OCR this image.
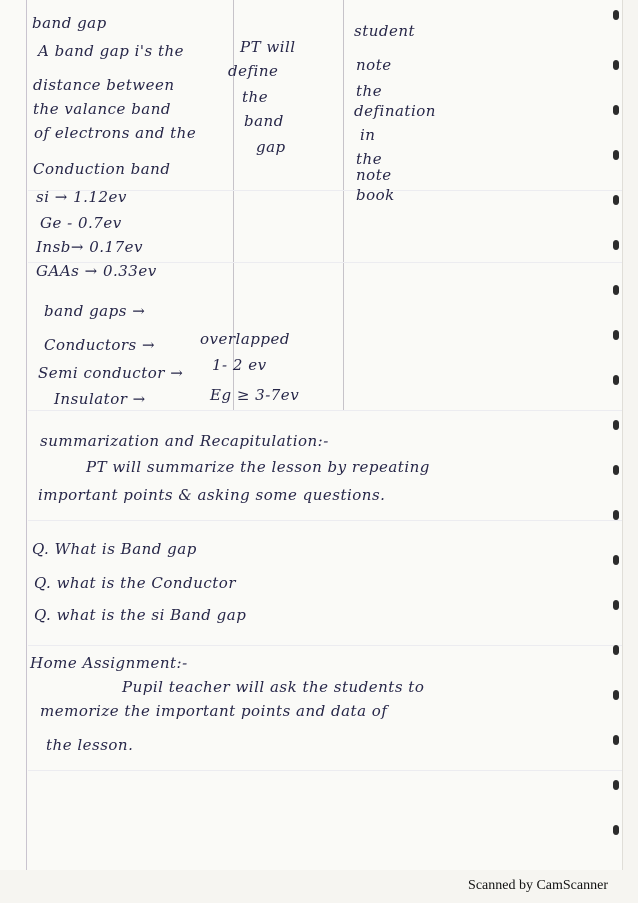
band gap
A band gap i's the
distance between
the valance band
of electrons and the
Conduction band
si → 1.12ev
Ge - 0.7ev
Insb→ 0.17ev
GAAs → 0.33ev
PT will
define
the
band
gap
student
note
the
defination
in
the
note
book
band gaps →
Conductors →	overlapped
Semi conductor → 1- 2 ev
Insulator →	Eg ≥ 3-7ev
summarization and Recapitulation:-
PT will summarize the lesson by repeating
important points & asking some questions.
Q. What is Band gap
Q. what is the Conductor
Q. what is the si Band gap
Home Assignment:-
Pupil teacher will ask the students to
memorize the important points and data of
the lesson.
Scanned by CamScanner
